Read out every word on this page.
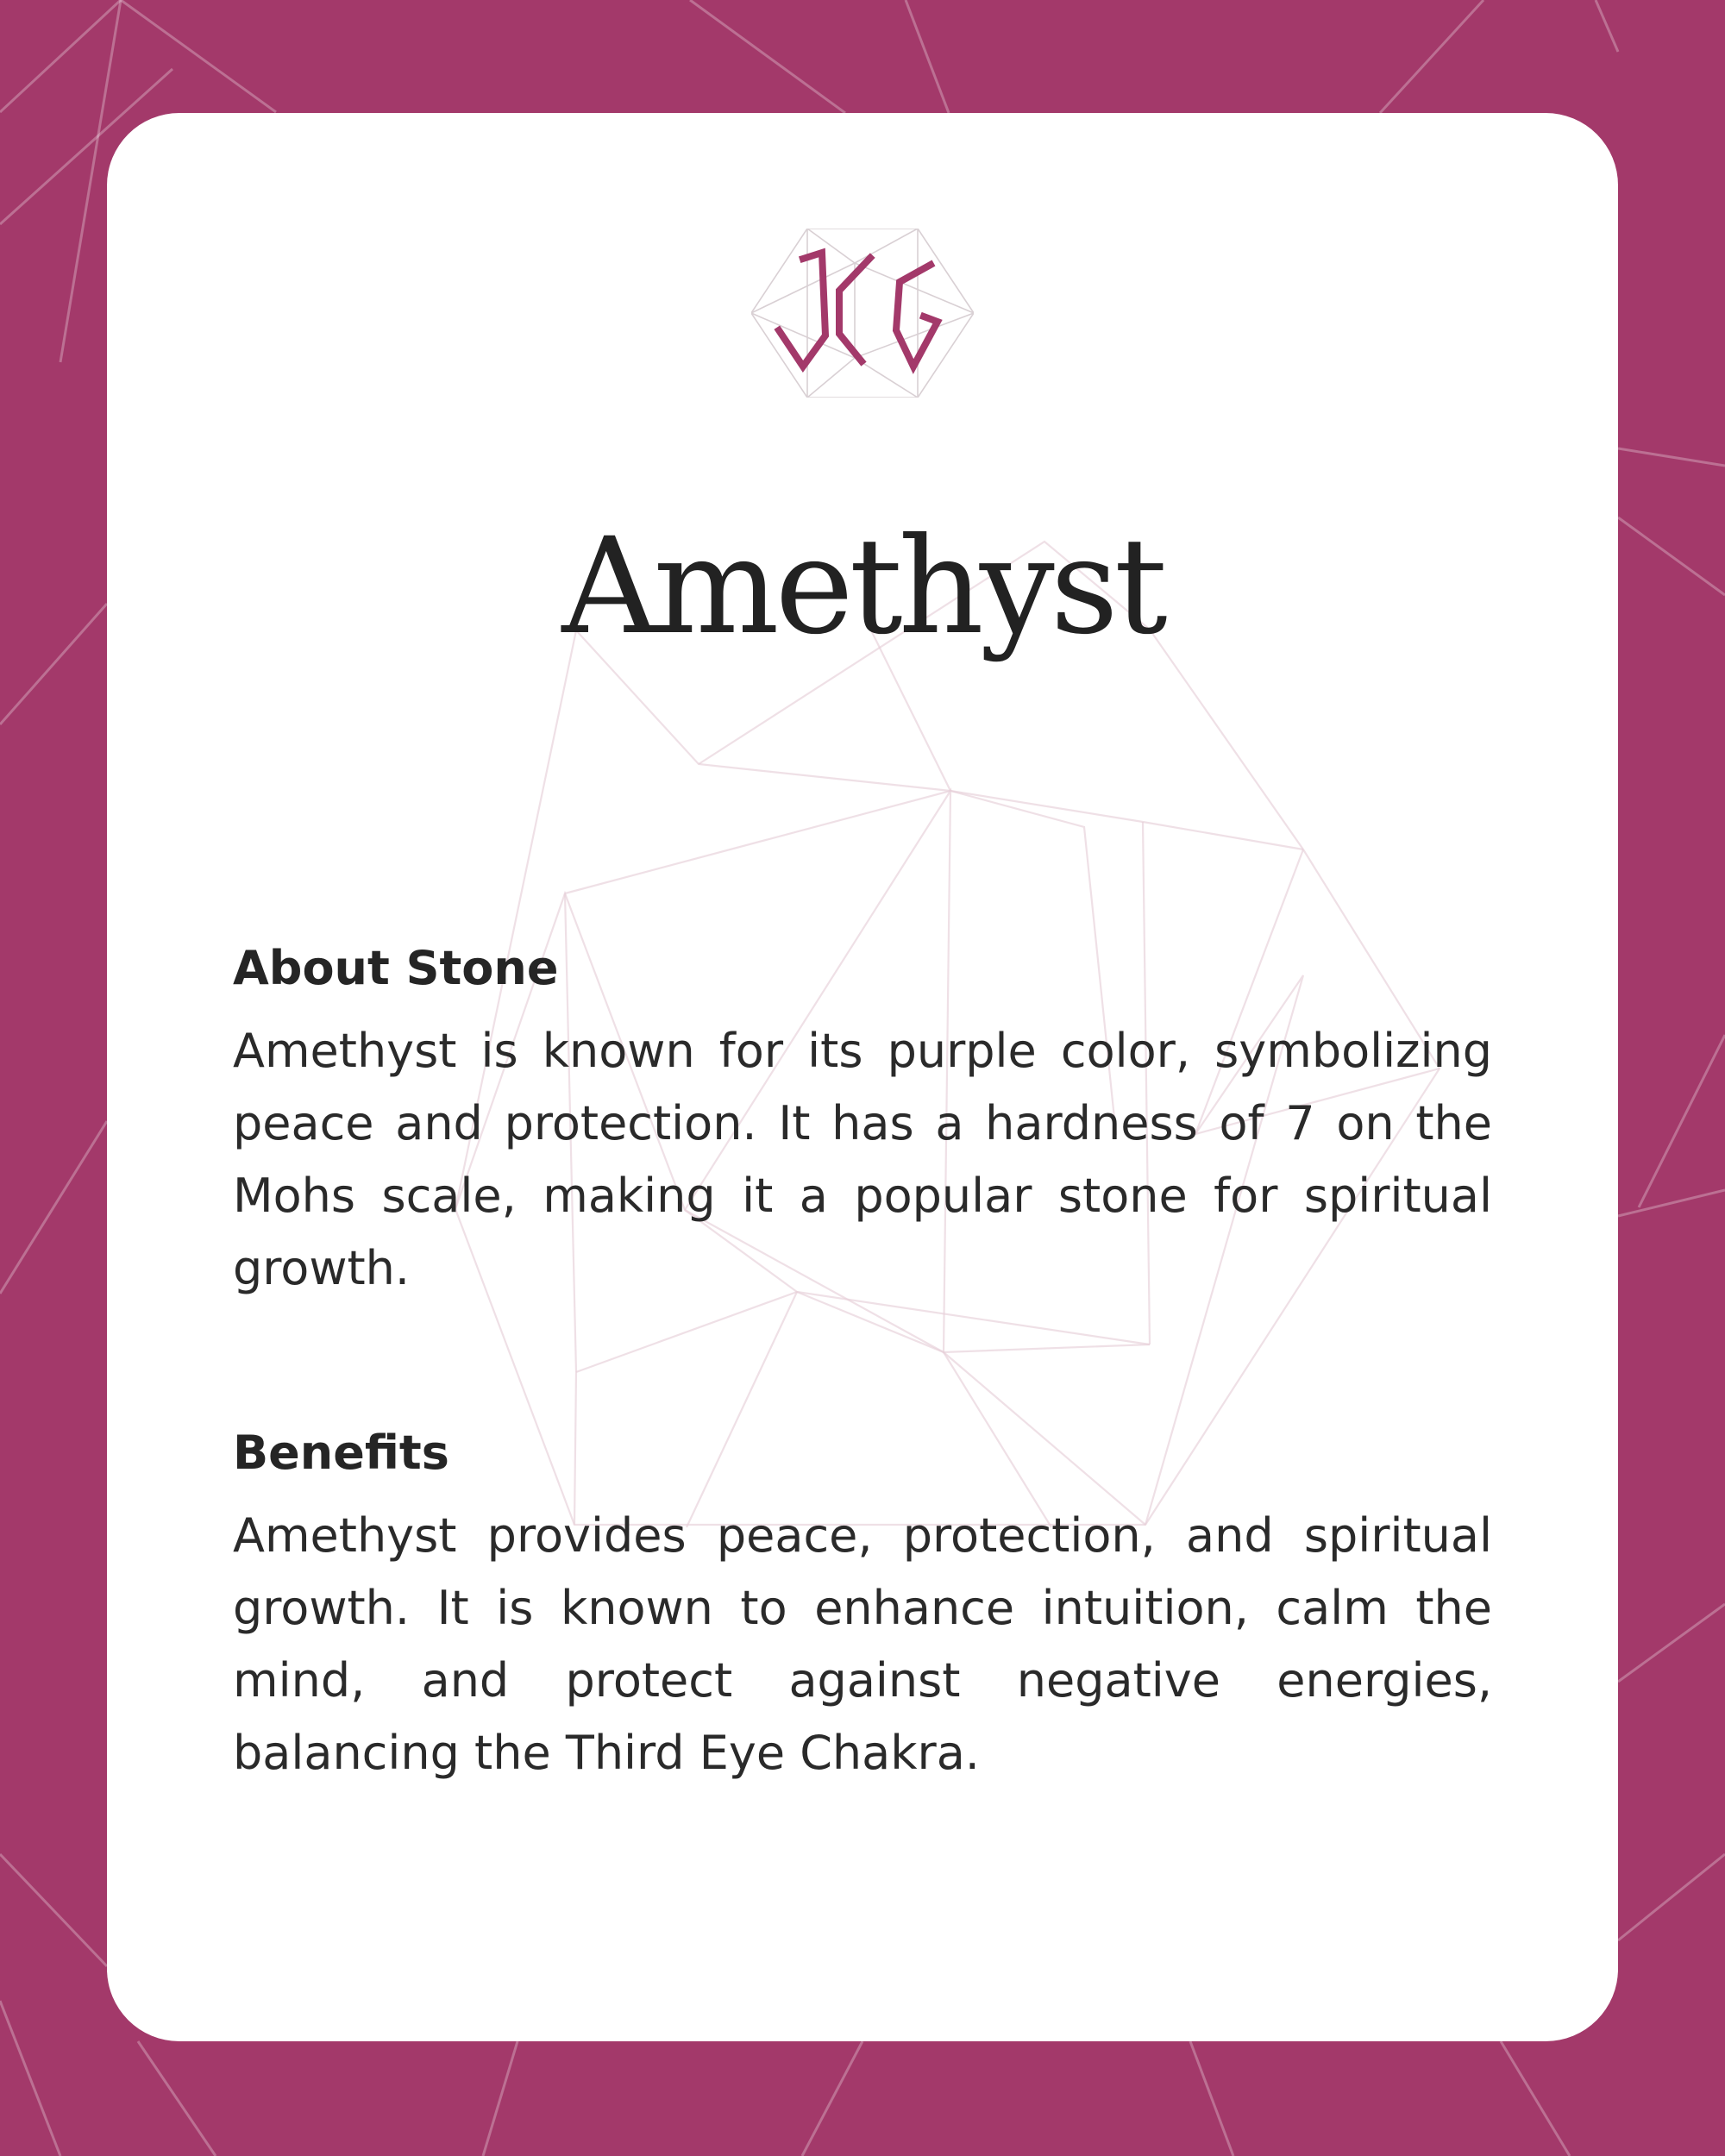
Amethyst
About Stone

Amethyst is known for its purple color, symbolizing peace and protection. It has a hardness of 7 on the Mohs scale, making it a popular stone for spiritual growth.

Benefits

Amethyst provides peace, protection, and spiritual growth. It is known to enhance intuition, calm the mind, and protect against negative energies, balancing the Third Eye Chakra.
